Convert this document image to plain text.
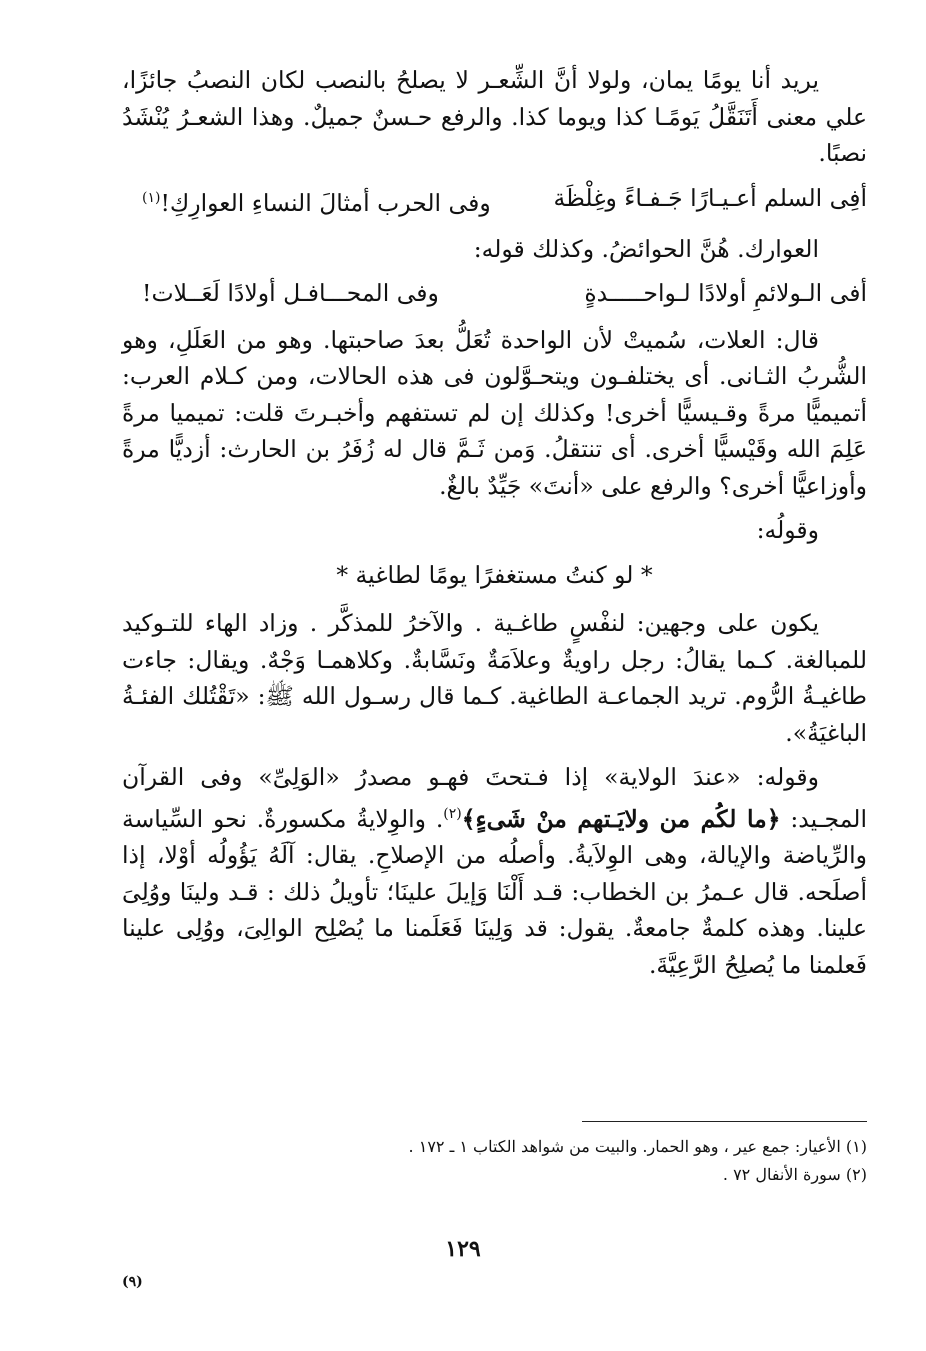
يريد أنا يومًا يمان، ولولا أنَّ الشِّعـر لا يصلحُ بالنصب لكان النصبُ جائزًا، علي معنى أَتَنَقَّلُ يَومًـا كذا ويوما كذا. والرفع حـسنٌ جميلٌ. وهذا الشعـرُ يُنْشَدُ نصبًا.

أفِى السلم أعـيـارًا جَـفـاءً وغِلْظَة
وفى الحرب أمثالَ النساءِ العوارِكِ!$^{(١)}$

العوارك. هُنَّ الحوائضُ. وكذلك قوله:

أفى الـولائمِ أولادًا لـواحـــــدةٍ
وفى المحـــافـل أولادًا لَعَــلات!

قال: العلات، سُميتْ لأن الواحدة تُعَلُّ بعدَ صاحبتها. وهو من العَلَلِ، وهو الشُّربُ الثـانى. أى يختلفـون ويتحـوَّلون فى هذه الحالات، ومن كـلام العرب: أتميميًّا مرةً وقـيسيًّا أخرى! وكذلك إن لم تستفهم وأخبـرتَ قلت: تميميا مرةً عَلِمَ الله وقَيْسيًّا أخرى. أى تنتقلُ. وَمن ثَـمَّ قال له زُفَرُ بن الحارث: أزديًّا مرةً وأوزاعيًّا أخرى؟ والرفع على «أنتَ» جَيِّدٌ بالغٌ.

وقولُه:

* لو كنتُ مستغفرًا يومًا لطاغية *

يكون على وجهين: لنفْسٍ طاغـية . والآخرُ للمذكَّر . وزاد الهاء للتـوكيد للمبالغة. كـما يقالُ: رجل راويةٌ وعلاَمَةٌ ونَسَّابةٌ. وكلاهمـا وَجْهٌ. ويقال: جاءت طاغيـةُ الرُّوم. تريد الجماعـة الطاغية. كـما قال رسـول الله ﷺ: «تَقْتُلك الفئـةُ الباغيَةُ».

وقوله: «عندَ الولاية» إذا فـتحتَ فهـو مصدرُ «الوَلِىِّ» وفى القرآن المجـيد: ﴿ما لكُم من ولايَـتهم منْ شَىءٍ﴾$^{(٢)}$. والوِلايةُ مكسورةٌ. نحو السِّياسة والرِّياضة والإيالة، وهى الوِلاَيةُ. وأصلُه من الإصلاحِ. يقال: آلَهُ يَؤُولُه أوْلا، إذا أصلَحه. قال عـمرُ بن الخطاب: قـد أَلْنَا وَإيلَ علينَا؛ تأويلُ ذلك : قـد ولينَا ووُلِىَ علينا. وهذه كلمةٌ جامعةٌ. يقول: قد وَلِينَا فَعَلَمنا ما يُصْلِح الوالِىَ، ووُلِى علينا فَعلمنا ما يُصلِحُ الرَّعِيَّةَ.

(١) الأعيار: جمع عير ، وهو الحمار. والبيت من شواهد الكتاب ١ ـ ١٧٢ .
(٢) سورة الأنفال ٧٢ .
١٢٩
(٩)
